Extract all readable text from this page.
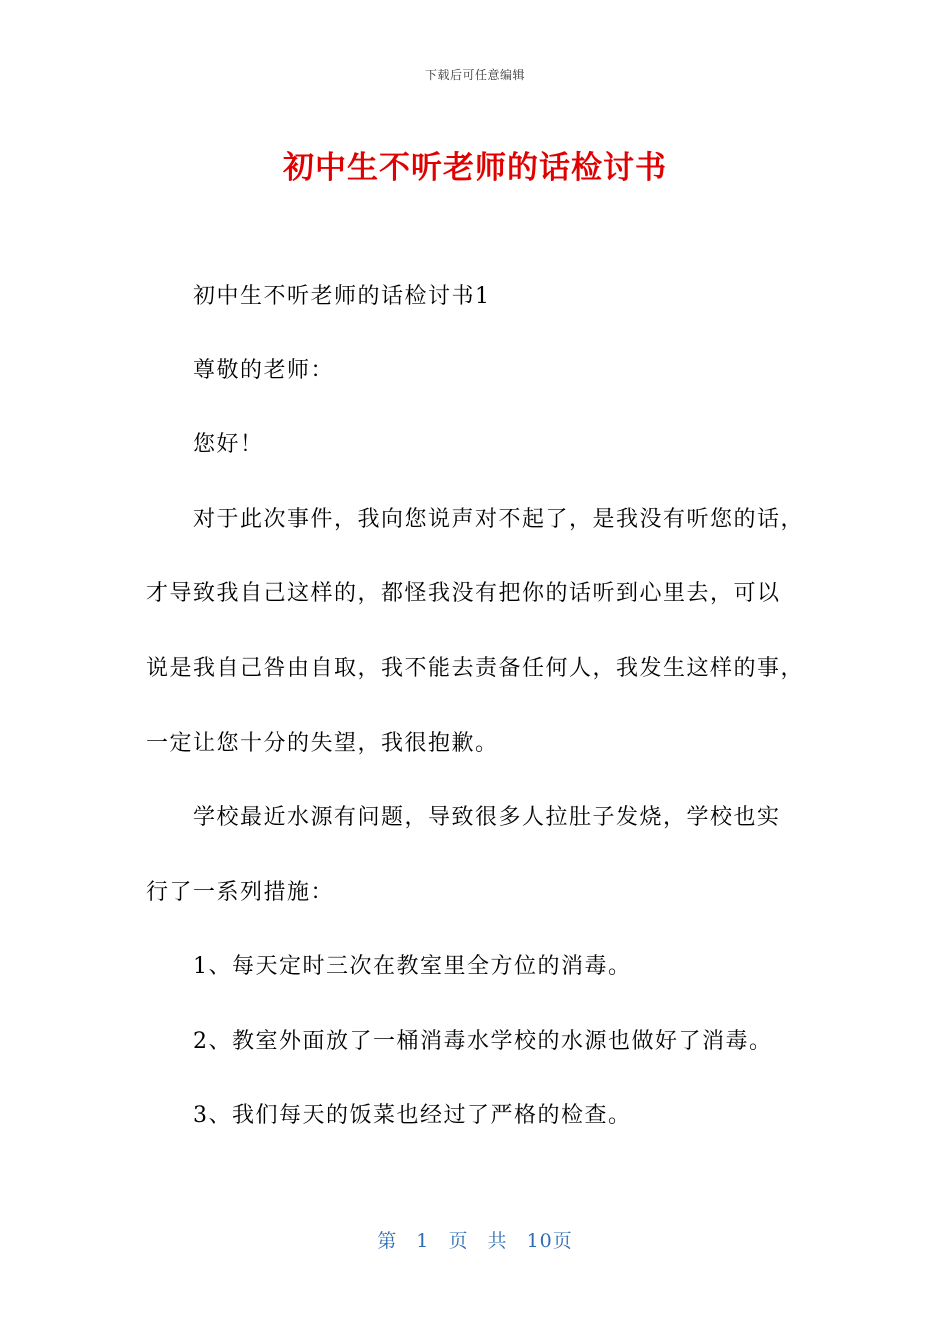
下载后可任意编辑
初中生不听老师的话检讨书
初中生不听老师的话检讨书1
尊敬的老师：
您好！
对于此次事件，我向您说声对不起了，是我没有听您的话，
才导致我自己这样的，都怪我没有把你的话听到心里去，可以
说是我自己咎由自取，我不能去责备任何人，我发生这样的事，
一定让您十分的失望，我很抱歉。
学校最近水源有问题，导致很多人拉肚子发烧，学校也实
行了一系列措施：
1、每天定时三次在教室里全方位的消毒。
2、教室外面放了一桶消毒水学校的水源也做好了消毒。
3、我们每天的饭菜也经过了严格的检查。
第 1 页 共 10页
